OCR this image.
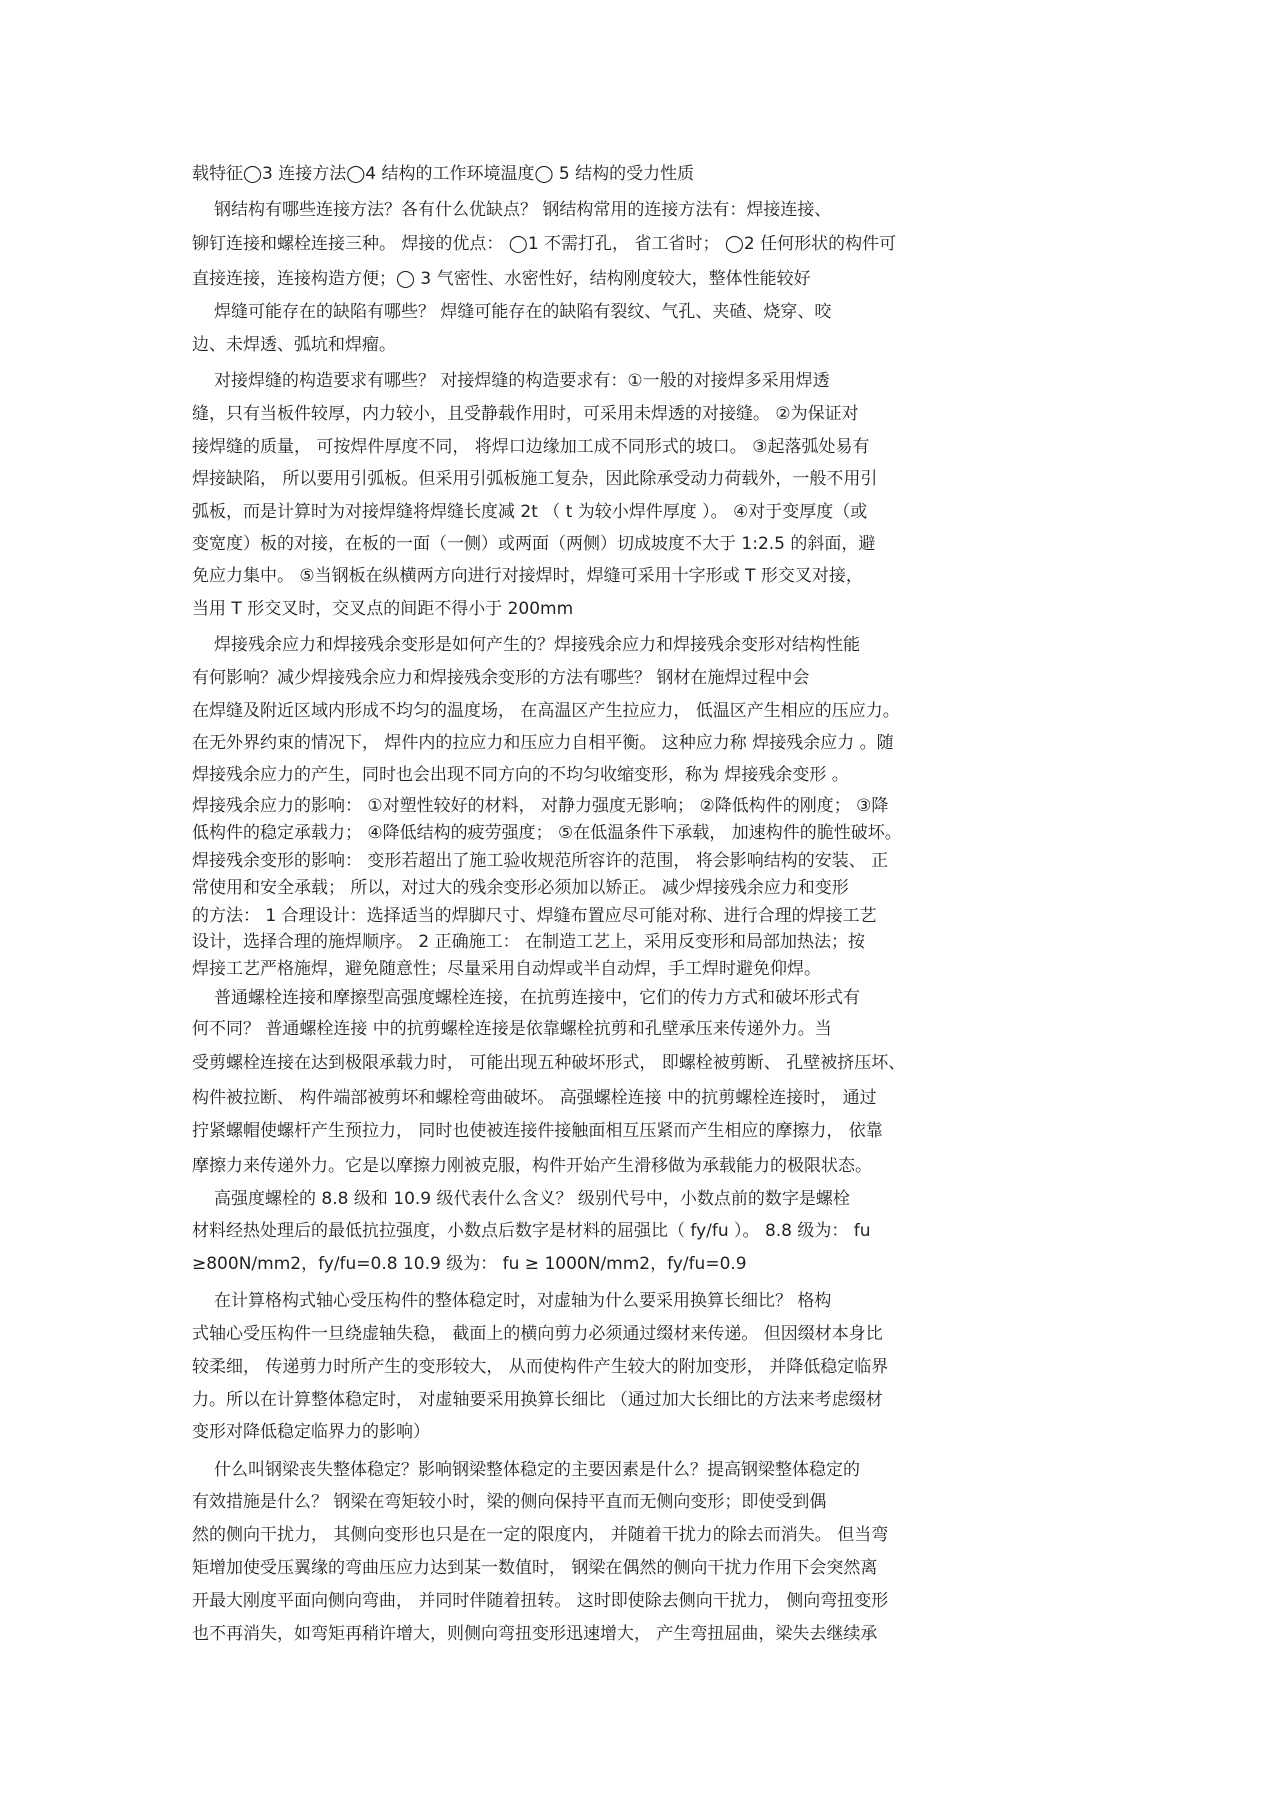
载特征◯3 连接方法◯4 结构的工作环境温度◯ 5 结构的受力性质
钢结构有哪些连接方法？各有什么优缺点？ 钢结构常用的连接方法有：焊接连接、
铆钉连接和螺栓连接三种。 焊接的优点： ◯1 不需打孔， 省工省时； ◯2 任何形状的构件可
直接连接，连接构造方便；◯ 3 气密性、水密性好，结构刚度较大，整体性能较好
焊缝可能存在的缺陷有哪些？ 焊缝可能存在的缺陷有裂纹、气孔、夹碴、烧穿、咬
边、未焊透、弧坑和焊瘤。
对接焊缝的构造要求有哪些？ 对接焊缝的构造要求有：①一般的对接焊多采用焊透
缝，只有当板件较厚，内力较小，且受静载作用时，可采用未焊透的对接缝。 ②为保证对
接焊缝的质量， 可按焊件厚度不同， 将焊口边缘加工成不同形式的坡口。 ③起落弧处易有
焊接缺陷， 所以要用引弧板。但采用引弧板施工复杂，因此除承受动力荷载外，一般不用引
弧板，而是计算时为对接焊缝将焊缝长度减 2t （ t 为较小焊件厚度 ）。 ④对于变厚度（或
变宽度）板的对接，在板的一面（一侧）或两面（两侧）切成坡度不大于 1:2.5 的斜面，避
免应力集中。 ⑤当钢板在纵横两方向进行对接焊时，焊缝可采用十字形或 T 形交叉对接，
当用 T 形交叉时，交叉点的间距不得小于 200mm
焊接残余应力和焊接残余变形是如何产生的？焊接残余应力和焊接残余变形对结构性能
有何影响？减少焊接残余应力和焊接残余变形的方法有哪些？ 钢材在施焊过程中会
在焊缝及附近区域内形成不均匀的温度场， 在高温区产生拉应力， 低温区产生相应的压应力。
在无外界约束的情况下， 焊件内的拉应力和压应力自相平衡。 这种应力称 焊接残余应力 。随
焊接残余应力的产生，同时也会出现不同方向的不均匀收缩变形，称为 焊接残余变形 。
焊接残余应力的影响： ①对塑性较好的材料， 对静力强度无影响； ②降低构件的刚度； ③降
低构件的稳定承载力； ④降低结构的疲劳强度； ⑤在低温条件下承载， 加速构件的脆性破坏。
焊接残余变形的影响： 变形若超出了施工验收规范所容许的范围， 将会影响结构的安装、 正
常使用和安全承载； 所以，对过大的残余变形必须加以矫正。 减少焊接残余应力和变形
的方法： 1 合理设计：选择适当的焊脚尺寸、焊缝布置应尽可能对称、进行合理的焊接工艺
设计，选择合理的施焊顺序。 2 正确施工： 在制造工艺上，采用反变形和局部加热法；按
焊接工艺严格施焊，避免随意性；尽量采用自动焊或半自动焊，手工焊时避免仰焊。
普通螺栓连接和摩擦型高强度螺栓连接，在抗剪连接中，它们的传力方式和破坏形式有
何不同？ 普通螺栓连接 中的抗剪螺栓连接是依靠螺栓抗剪和孔壁承压来传递外力。当
受剪螺栓连接在达到极限承载力时， 可能出现五种破坏形式， 即螺栓被剪断、 孔壁被挤压坏、
构件被拉断、 构件端部被剪坏和螺栓弯曲破坏。 高强螺栓连接 中的抗剪螺栓连接时， 通过
拧紧螺帽使螺杆产生预拉力， 同时也使被连接件接触面相互压紧而产生相应的摩擦力， 依靠
摩擦力来传递外力。它是以摩擦力刚被克服，构件开始产生滑移做为承载能力的极限状态。
高强度螺栓的 8.8 级和 10.9 级代表什么含义？ 级别代号中，小数点前的数字是螺栓
材料经热处理后的最低抗拉强度，小数点后数字是材料的屈强比（ fy/fu ）。 8.8 级为： fu
≥800N/mm2，fy/fu=0.8 10.9 级为： fu ≥ 1000N/mm2，fy/fu=0.9
在计算格构式轴心受压构件的整体稳定时，对虚轴为什么要采用换算长细比？ 格构
式轴心受压构件一旦绕虚轴失稳， 截面上的横向剪力必须通过缀材来传递。 但因缀材本身比
较柔细， 传递剪力时所产生的变形较大， 从而使构件产生较大的附加变形， 并降低稳定临界
力。所以在计算整体稳定时， 对虚轴要采用换算长细比 （通过加大长细比的方法来考虑缀材
变形对降低稳定临界力的影响）
什么叫钢梁丧失整体稳定？影响钢梁整体稳定的主要因素是什么？提高钢梁整体稳定的
有效措施是什么？ 钢梁在弯矩较小时，梁的侧向保持平直而无侧向变形；即使受到偶
然的侧向干扰力， 其侧向变形也只是在一定的限度内， 并随着干扰力的除去而消失。 但当弯
矩增加使受压翼缘的弯曲压应力达到某一数值时， 钢梁在偶然的侧向干扰力作用下会突然离
开最大刚度平面向侧向弯曲， 并同时伴随着扭转。 这时即使除去侧向干扰力， 侧向弯扭变形
也不再消失，如弯矩再稍许增大，则侧向弯扭变形迅速增大， 产生弯扭屈曲，梁失去继续承
